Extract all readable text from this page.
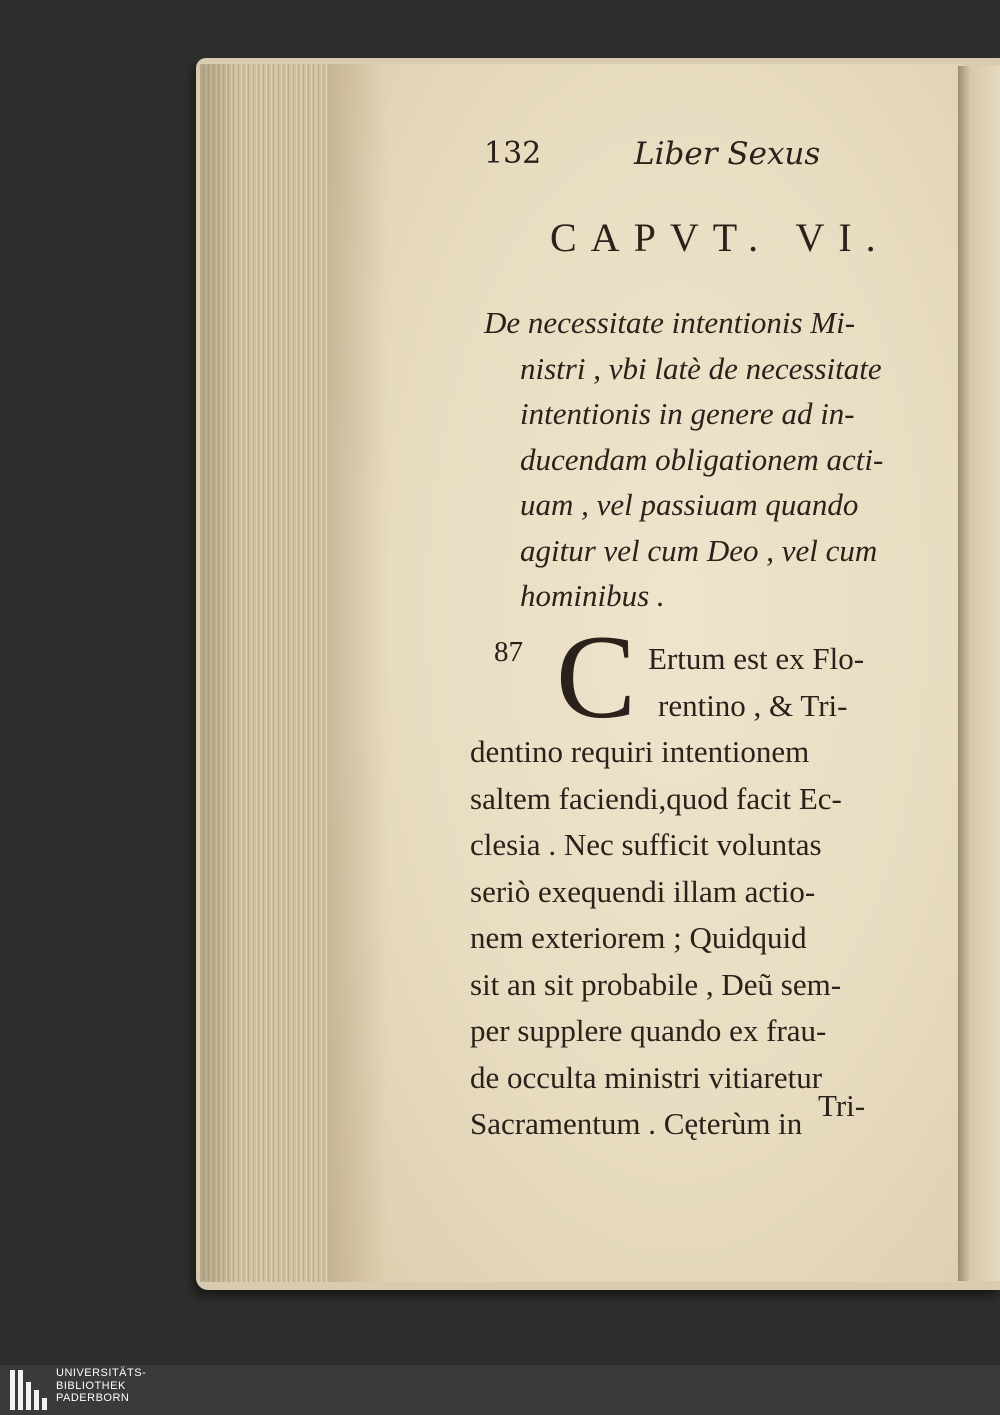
132	Liber Sexus
CAPVT. VI.
De necessitate intentionis Mi-
nistri , vbi latè de necessitate
intentionis in genere ad in-
ducendam obligationem acti-
uam , vel passiuam quando
agitur vel cum Deo , vel cum
hominibus .
87 C Ertum est ex Flo-
rentino , & Tri-
dentino requiri intentionem
saltem faciendi,quod facit Ec-
clesia . Nec sufficit voluntas
seriò exequendi illam actio-
nem exteriorem ; Quidquid
sit an sit probabile , Deũ sem-
per supplere quando ex frau-
de occulta ministri vitiaretur
Sacramentum . Cęterùm in
Tri-
UNIVERSITÄTS-
BIBLIOTHEK
PADERBORN
